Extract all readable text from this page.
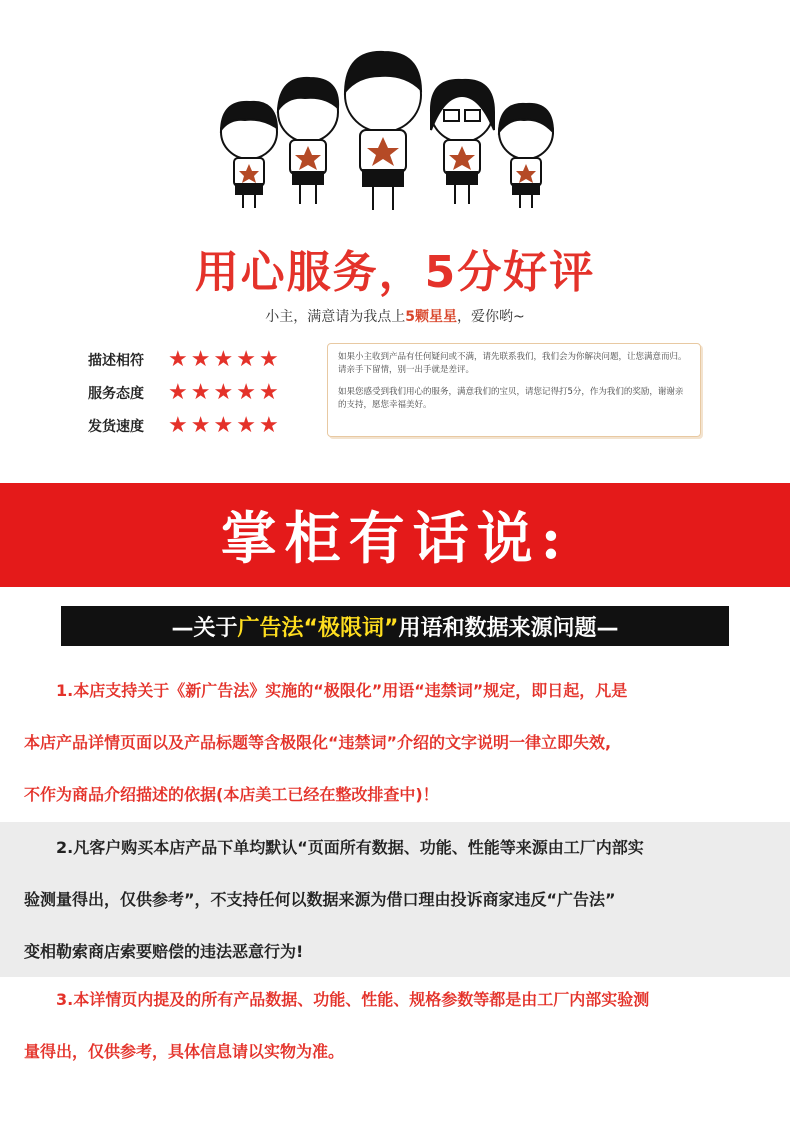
用心服务，5分好评
小主，满意请为我点上5颗星星，爱你哟~
描述相符	★ ★ ★ ★ ★
服务态度	★ ★ ★ ★ ★
发货速度	★ ★ ★ ★ ★

如果小主收到产品有任何疑问或不满，请先联系我们，我们会为你解决问题，让您满意而归。请亲手下留情，别一出手就是差评。

如果您感受到我们用心的服务，满意我们的宝贝，请您记得打5分，作为我们的奖励，谢谢亲的支持，愿您幸福美好。

掌柜有话说:
—关于 广告法“极限词” 用语和数据来源问题—

1.本店支持关于《新广告法》实施的“极限化”用语“违禁词”规定，即日起，凡是

本店产品详情页面以及产品标题等含极限化“违禁词”介绍的文字说明一律立即失效,

不作为商品介绍描述的依据(本店美工已经在整改排查中)！

2.凡客户购买本店产品下单均默认“页面所有数据、功能、性能等来源由工厂内部实

验测量得出，仅供参考”，不支持任何以数据来源为借口理由投诉商家违反“广告法”

变相勒索商店索要赔偿的违法恶意行为!

3.本详情页内提及的所有产品数据、功能、性能、规格参数等都是由工厂内部实验测

量得出，仅供参考，具体信息请以实物为准。
